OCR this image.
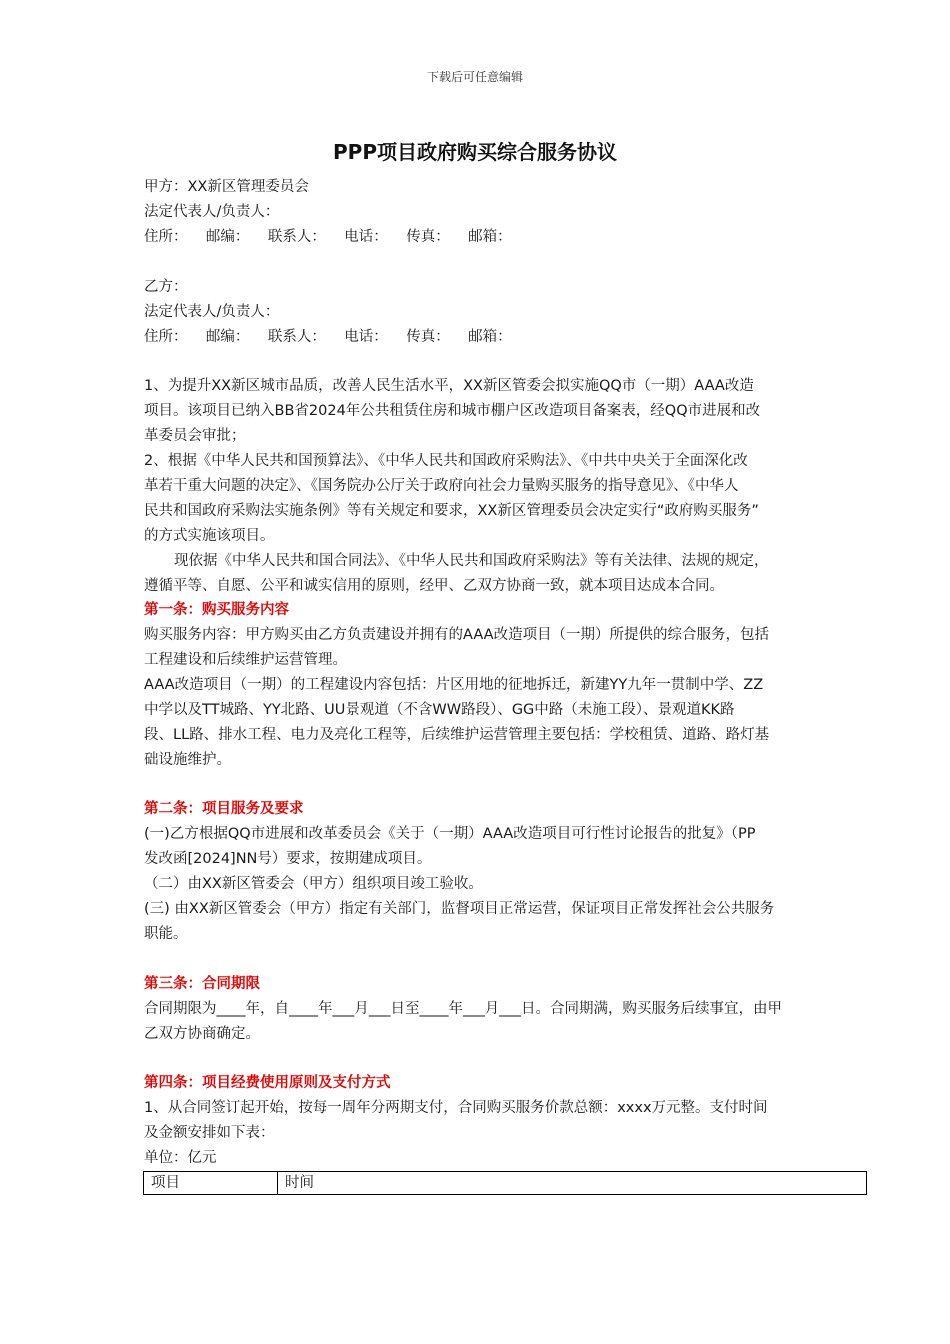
下载后可任意编辑
PPP项目政府购买综合服务协议
甲方：XX新区管理委员会
法定代表人/负责人：
住所：    邮编：    联系人：    电话：    传真：    邮箱：
乙方：
法定代表人/负责人：
住所：    邮编：    联系人：    电话：    传真：    邮箱：
1、为提升XX新区城市品质，改善人民生活水平，XX新区管委会拟实施QQ市（一期）AAA改造
项目。该项目已纳入BB省2024年公共租赁住房和城市棚户区改造项目备案表，经QQ市进展和改
革委员会审批；
2、根据《中华人民共和国预算法》、《中华人民共和国政府采购法》、《中共中央关于全面深化改
革若干重大问题的决定》、《国务院办公厅关于政府向社会力量购买服务的指导意见》、《中华人
民共和国政府采购法实施条例》等有关规定和要求，XX新区管理委员会决定实行“政府购买服务”
的方式实施该项目。
现依据《中华人民共和国合同法》、《中华人民共和国政府采购法》等有关法律、法规的规定，
遵循平等、自愿、公平和诚实信用的原则，经甲、乙双方协商一致，就本项目达成本合同。
第一条：购买服务内容
购买服务内容：甲方购买由乙方负责建设并拥有的AAA改造项目（一期）所提供的综合服务，包括
工程建设和后续维护运营管理。
AAA改造项目（一期）的工程建设内容包括：片区用地的征地拆迁，新建YY九年一贯制中学、ZZ
中学以及TT城路、YY北路、UU景观道（不含WW路段）、GG中路（未施工段）、景观道KK路
段、LL路、排水工程、电力及亮化工程等，后续维护运营管理主要包括：学校租赁、道路、路灯基
础设施维护。
第二条：项目服务及要求
(一)乙方根据QQ市进展和改革委员会《关于（一期）AAA改造项目可行性讨论报告的批复》（PP
发改函[2024]NN号）要求，按期建成项目。
（二）由XX新区管委会（甲方）组织项目竣工验收。
(三) 由XX新区管委会（甲方）指定有关部门，监督项目正常运营，保证项目正常发挥社会公共服务
职能。
第三条：合同期限
合同期限为____年，自____年___月___日至____年___月___日。合同期满，购买服务后续事宜，由甲
乙双方协商确定。
第四条：项目经费使用原则及支付方式
1、从合同签订起开始，按每一周年分两期支付，合同购买服务价款总额：xxxx万元整。支付时间
及金额安排如下表：
单位：亿元
项目	时间
